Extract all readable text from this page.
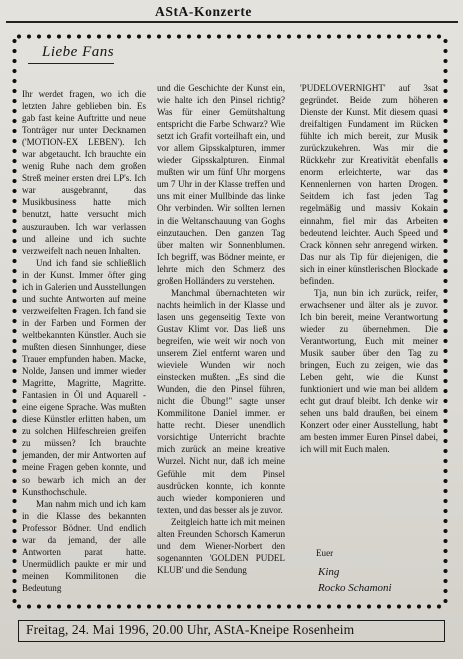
AStA-Konzerte
Liebe Fans

Ihr werdet fragen, wo ich die letzten Jahre geblieben bin. Es gab fast keine Auftritte und neue Tonträger nur unter Decknamen ('MOTION-EX LEBEN'). Ich war abgetaucht. Ich brauchte ein wenig Ruhe nach dem großen Streß meiner ersten drei LP's. Ich war ausgebrannt, das Musikbusiness hatte mich benutzt, hatte versucht mich auszurauben. Ich war verlassen und alleine und ich suchte verzweifelt nach neuen Inhalten.

Und ich fand sie schließlich in der Kunst. Immer öfter ging ich in Galerien und Ausstellungen und suchte Antworten auf meine verzweifelten Fragen. Ich fand sie in der Farben und Formen der weltbekannten Künstler. Auch sie mußten diesen Sinnhunger, diese Trauer empfunden haben. Macke, Nolde, Jansen und immer wieder Magritte, Magritte, Magritte. Fantasien in Öl und Aquarell - eine eigene Sprache. Was mußten diese Künstler erlitten haben, um zu solchen Hilfeschreien greifen zu müssen? Ich brauchte jemanden, der mir Antworten auf meine Fragen geben konnte, und so bewarb ich mich an der Kunsthochschule.

Man nahm mich und ich kam in die Klasse des bekannten Professor Bödner. Und endlich war da jemand, der alle Antworten parat hatte. Unermüdlich paukte er mir und meinen Kommilitonen die Bedeutung

und die Geschichte der Kunst ein, wie halte ich den Pinsel richtig? Was für einer Gemütshaltung entspricht die Farbe Schwarz? Wie setzt ich Grafit vorteilhaft ein, und vor allem Gipsskalpturen, immer wieder Gipsskalpturen. Einmal mußten wir um fünf Uhr morgens um 7 Uhr in der Klasse treffen und uns mit einer Mullbinde das linke Ohr verbinden. Wir sollten lernen in die Weltanschauung van Goghs einzutauchen. Den ganzen Tag über malten wir Sonnenblumen. Ich begriff, was Bödner meinte, er lehrte mich den Schmerz des großen Holländers zu verstehen.

Manchmal übernachteten wir nachts heimlich in der Klasse und lasen uns gegenseitig Texte von Gustav Klimt vor. Das ließ uns begreifen, wie weit wir noch von unserem Ziel entfernt waren und wieviele Wunden wir noch einstecken mußten. „Es sind die Wunden, die den Pinsel führen, nicht die Übung!" sagte unser Kommilitone Daniel immer. er hatte recht. Dieser unendlich vorsichtige Unterricht brachte mich zurück an meine kreative Wurzel. Nicht nur, daß ich meine Gefühle mit dem Pinsel ausdrücken konnte, ich konnte auch wieder komponieren und texten, und das besser als je zuvor.

Zeitgleich hatte ich mit meinen alten Freunden Schorsch Kamerun und dem Wiener-Norbert den sogenannten 'GOLDEN PUDEL KLUB' und die Sendung

'PUDELOVERNIGHT' auf 3sat gegründet. Beide zum höheren Dienste der Kunst. Mit diesem quasi dreifaltigen Fundament im Rücken fühlte ich mich bereit, zur Musik zurückzukehren. Was mir die Rückkehr zur Kreativität ebenfalls enorm erleichterte, war das Kennenlernen von harten Drogen. Seitdem ich fast jeden Tag regelmäßig und massiv Kokain einnahm, fiel mir das Arbeiten bedeutend leichter. Auch Speed und Crack können sehr anregend wirken. Das nur als Tip für diejenigen, die sich in einer künstlerischen Blockade befinden.

Tja, nun bin ich zurück, reifer, erwachsener und älter als je zuvor. Ich bin bereit, meine Verantwortung wieder zu übernehmen. Die Verantwortung, Euch mit meiner Musik sauber über den Tag zu bringen, Euch zu zeigen, wie das Leben geht, wie die Kunst funktioniert und wie man bei alldem echt gut drauf bleibt. Ich denke wir sehen uns bald draußen, bei einem Konzert oder einer Ausstellung, habt am besten immer Euren Pinsel dabei, ich will mit Euch malen.

Euer
King
Rocko Schamoni
Freitag, 24. Mai 1996, 20.00 Uhr, AStA-Kneipe Rosenheim
